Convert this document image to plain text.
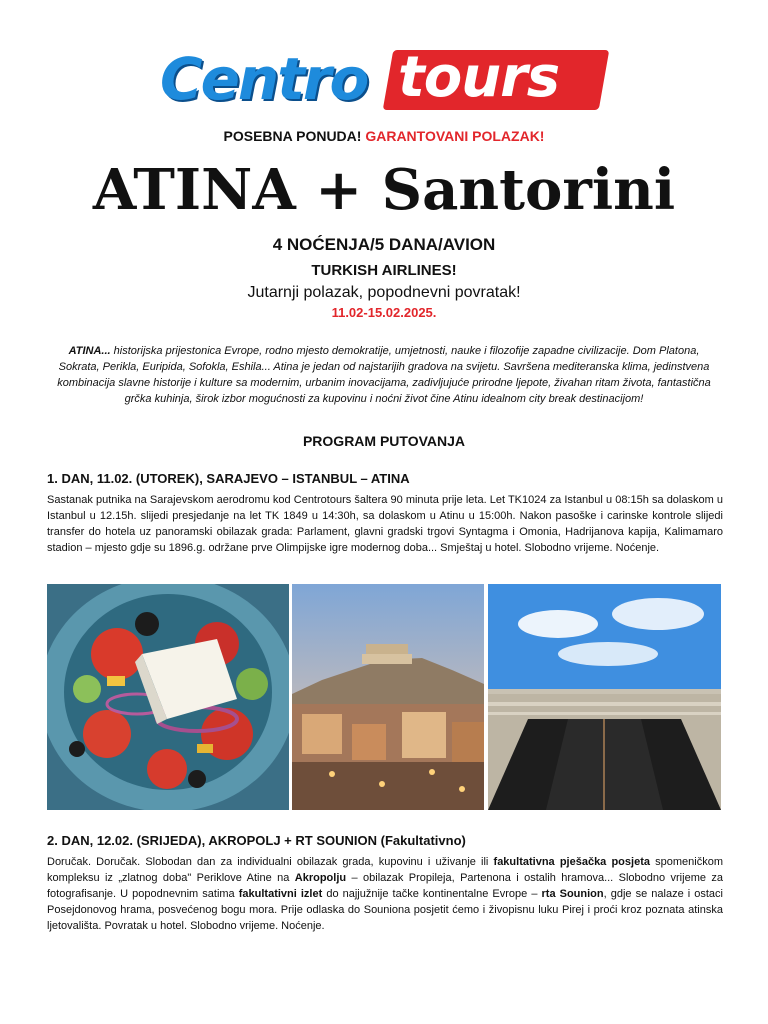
Centro tours
POSEBNA PONUDA! GARANTOVANI POLAZAK!
ATINA + Santorini
4 NOĆENJA/5 DANA/AVION
TURKISH AIRLINES!
Jutarnji polazak, popodnevni povratak!
11.02-15.02.2025.
ATINA... historijska prijestonica Evrope, rodno mjesto demokratije, umjetnosti, nauke i filozofije zapadne civilizacije. Dom Platona, Sokrata, Perikla, Euripida, Sofokla, Eshila... Atina je jedan od najstarijih gradova na svijetu. Savršena mediteranska klima, jedinstvena kombinacija slavne historije i kulture sa modernim, urbanim inovacijama, zadivljujuće prirodne ljepote, živahan ritam života, fantastična grčka kuhinja, širok izbor mogućnosti za kupovinu i noćni život čine Atinu idealnom city break destinacijom!
PROGRAM PUTOVANJA
1. DAN, 11.02. (UTOREK), SARAJEVO – ISTANBUL – ATINA

Sastanak putnika na Sarajevskom aerodromu kod Centrotours šaltera 90 minuta prije leta. Let TK1024 za Istanbul u 08:15h sa dolaskom u Istanbul u 12.15h. slijedi presjedanje na let TK 1849 u 14:30h, sa dolaskom u Atinu u 15:00h. Nakon pasoške i carinske kontrole slijedi transfer do hotela uz panoramski obilazak grada: Parlament, glavni gradski trgovi Syntagma i Omonia, Hadrijanova kapija, Kalimamaro stadion – mjesto gdje su 1896.g. održane prve Olimpijske igre modernog doba... Smještaj u hotel. Slobodno vrijeme. Noćenje.

2. DAN, 12.02. (SRIJEDA), AKROPOLJ + RT SOUNION (Fakultativno)

Doručak. Doručak. Slobodan dan za individualni obilazak grada, kupovinu i uživanje ili fakultativna pješačka posjeta spomeničkom kompleksu iz „zlatnog doba" Periklove Atine na Akropolju – obilazak Propileja, Partenona i ostalih hramova... Slobodno vrijeme za fotografisanje. U popodnevnim satima fakultativni izlet do najjužnije tačke kontinentalne Evrope – rta Sounion, gdje se nalaze i ostaci Posejdonovog hrama, posvećenog bogu mora. Prije odlaska do Souniona posjetit ćemo i živopisnu luku Pirej i proći kroz poznata atinska ljetovališta. Povratak u hotel. Slobodno vrijeme. Noćenje.
